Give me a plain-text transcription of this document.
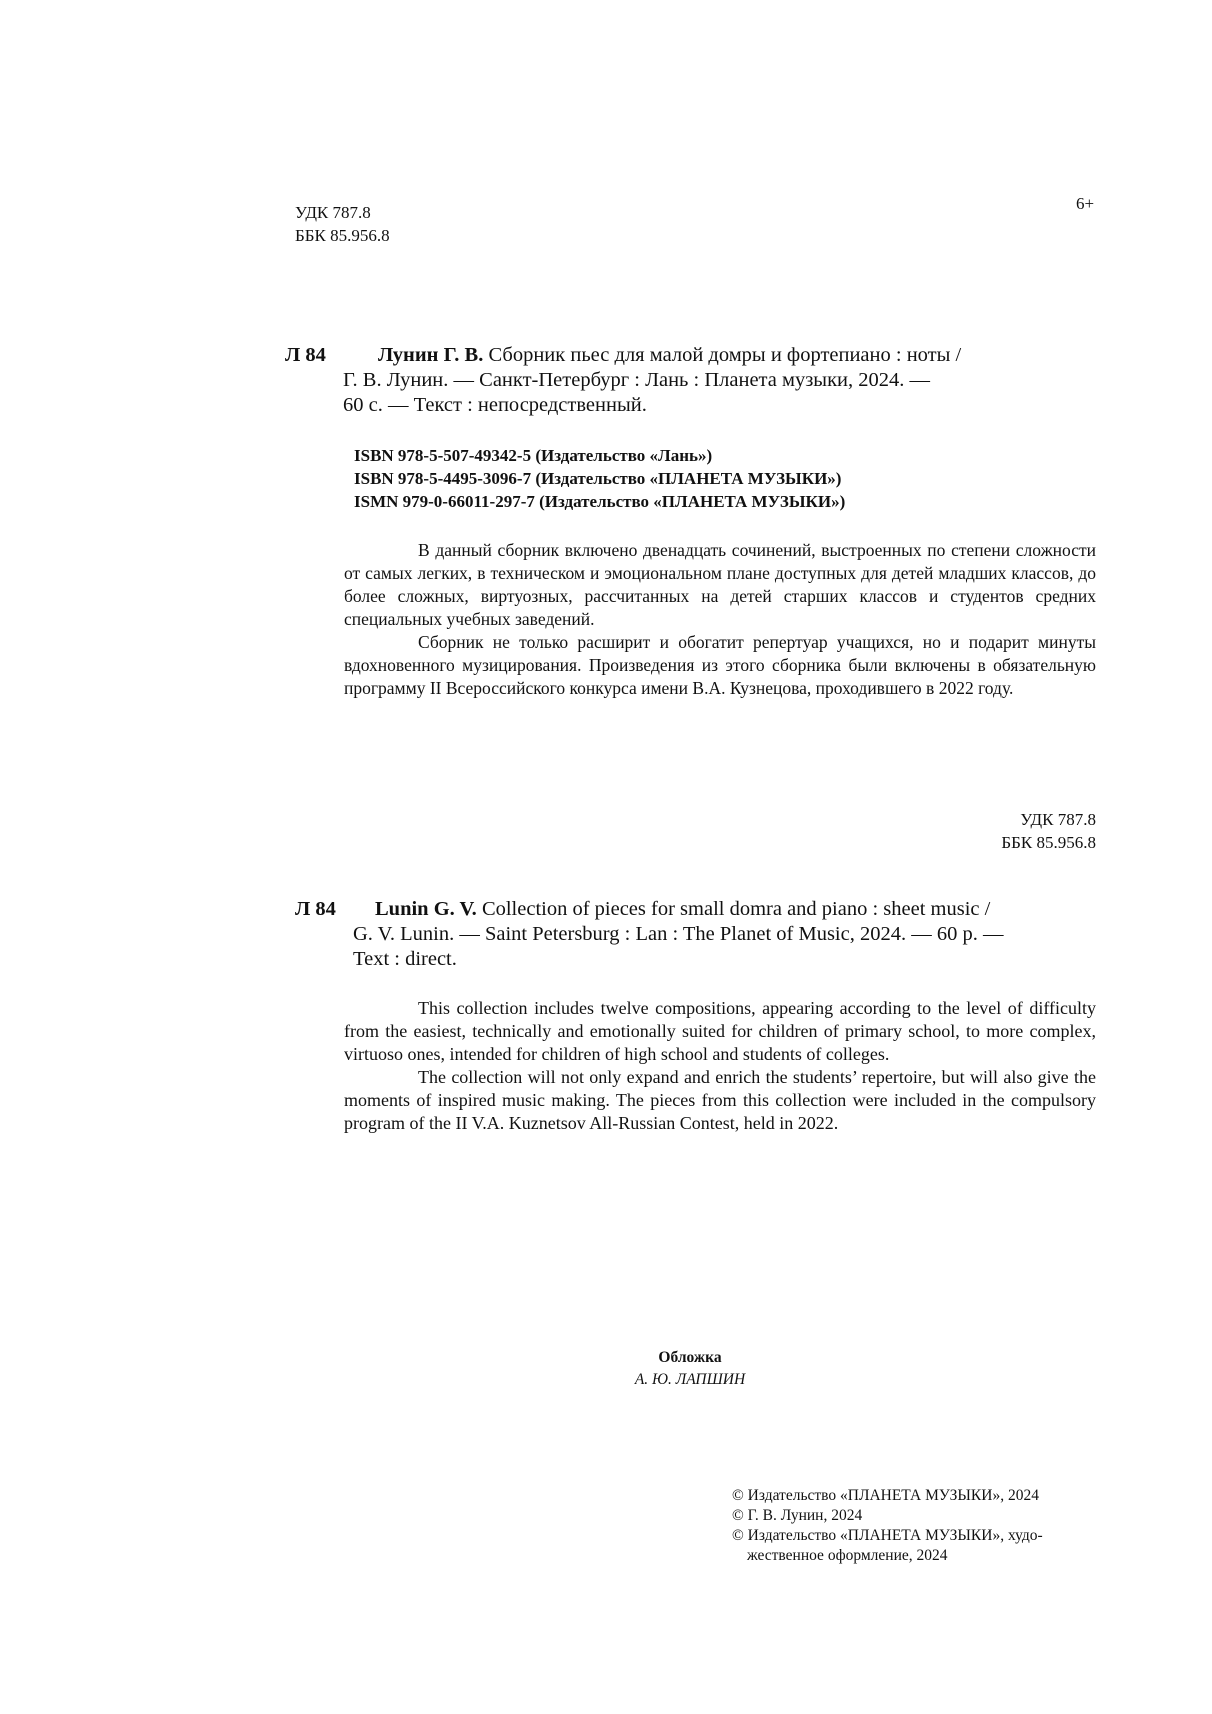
УДК 787.8
ББК 85.956.8
6+
Л 84	Лунин Г. В. Сборник пьес для малой домры и фортепиано : ноты /
Г. В. Лунин. — Санкт-Петербург : Лань : Планета музыки, 2024. —
60 с. — Текст : непосредственный.
ISBN 978-5-507-49342-5 (Издательство «Лань»)
ISBN 978-5-4495-3096-7 (Издательство «ПЛАНЕТА МУЗЫКИ»)
ISMN 979-0-66011-297-7 (Издательство «ПЛАНЕТА МУЗЫКИ»)

В данный сборник включено двенадцать сочинений, выстроенных по степени сложности от самых легких, в техническом и эмоциональном плане доступных для детей младших классов, до более сложных, виртуозных, рассчитанных на детей старших классов и студентов средних специальных учебных заведений.

Сборник не только расширит и обогатит репертуар учащихся, но и подарит минуты вдохновенного музицирования. Произведения из этого сборника были включены в обязательную программу II Всероссийского конкурса имени В.А. Кузнецова, проходившего в 2022 году.

УДК 787.8
ББК 85.956.8
Л 84 Lunin G. V. Collection of pieces for small domra and piano : sheet music /
G. V. Lunin. — Saint Petersburg : Lan : The Planet of Music, 2024. — 60 p. —
Text : direct.

This collection includes twelve compositions, appearing according to the level of difficulty from the easiest, technically and emotionally suited for children of primary school, to more complex, virtuoso ones, intended for children of high school and students of colleges.

The collection will not only expand and enrich the students’ repertoire, but will also give the moments of inspired music making. The pieces from this collection were included in the compulsory program of the II V.A. Kuznetsov All-Russian Contest, held in 2022.

Обложка
А. Ю. ЛАПШИН
© Издательство «ПЛАНЕТА МУЗЫКИ», 2024
© Г. В. Лунин, 2024
© Издательство «ПЛАНЕТА МУЗЫКИ», худо-
жественное оформление, 2024
